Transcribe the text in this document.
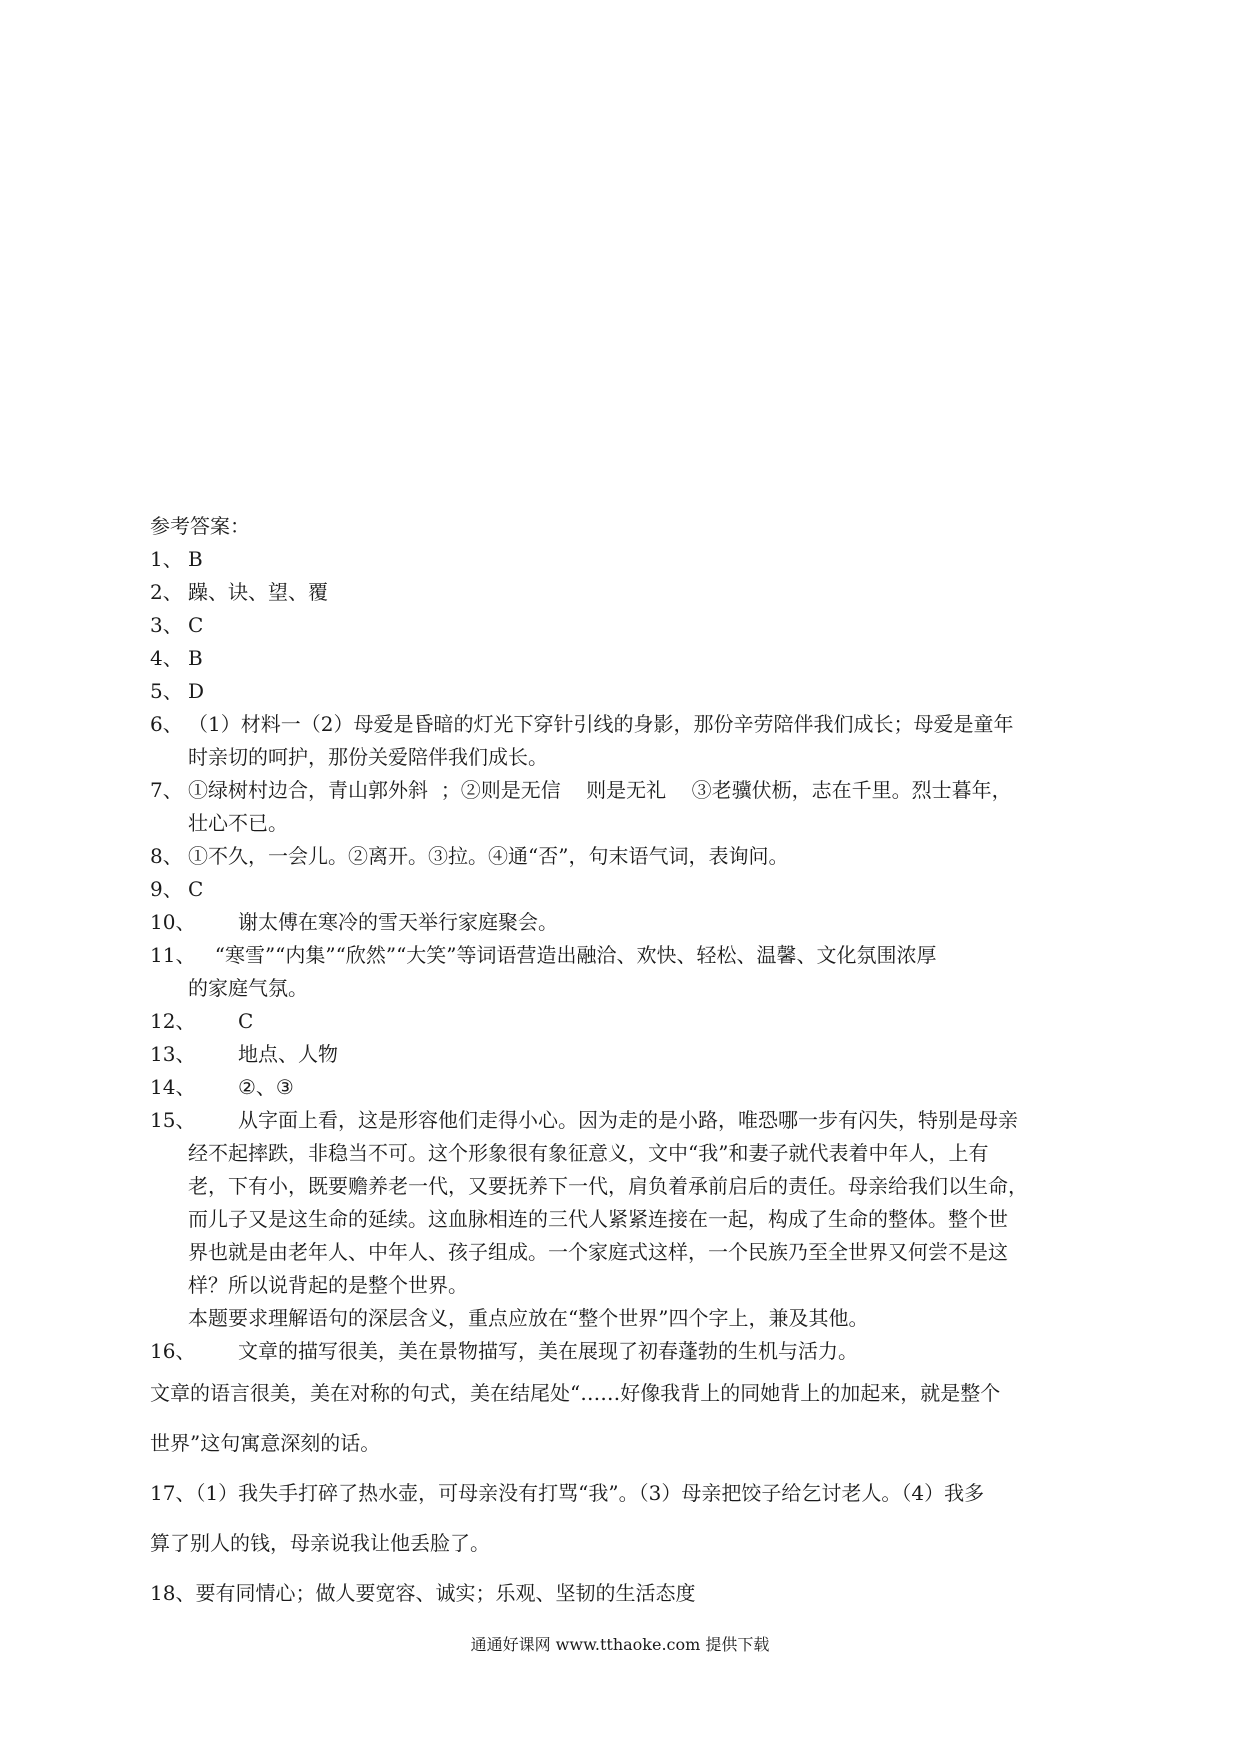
参考答案：
1、 B
2、 躁、诀、望、覆
3、 C
4、 B
5、 D
6、 （1）材料一（2）母爱是昏暗的灯光下穿针引线的身影，那份辛劳陪伴我们成长；母爱是童年
时亲切的呵护，那份关爱陪伴我们成长。
7、 ①绿树村边合，青山郭外斜  ；②则是无信    则是无礼    ③老骥伏枥，志在千里。烈士暮年，
壮心不已。
8、 ①不久，一会儿。②离开。③拉。④通“否”，句末语气词，表询问。
9、 C
10、	谢太傅在寒冷的雪天举行家庭聚会。
11、 “寒雪”“内集”“欣然”“大笑”等词语营造出融洽、欢快、轻松、温馨、文化氛围浓厚
的家庭气氛。
12、	C
13、	地点、人物
14、	②、③
15、	从字面上看，这是形容他们走得小心。因为走的是小路，唯恐哪一步有闪失，特别是母亲
经不起摔跌，非稳当不可。这个形象很有象征意义，文中“我”和妻子就代表着中年人，上有
老，下有小，既要赡养老一代，又要抚养下一代，肩负着承前启后的责任。母亲给我们以生命，
而儿子又是这生命的延续。这血脉相连的三代人紧紧连接在一起，构成了生命的整体。整个世
界也就是由老年人、中年人、孩子组成。一个家庭式这样，一个民族乃至全世界又何尝不是这
样？所以说背起的是整个世界。
本题要求理解语句的深层含义，重点应放在“整个世界”四个字上，兼及其他。
16、	文章的描写很美，美在景物描写，美在展现了初春蓬勃的生机与活力。
文章的语言很美，美在对称的句式，美在结尾处“……好像我背上的同她背上的加起来，就是整个
世界”这句寓意深刻的话。
17、（1）我失手打碎了热水壶，可母亲没有打骂“我”。（3）母亲把饺子给乞讨老人。（4）我多
算了别人的钱，母亲说我让他丢脸了。
18、要有同情心；做人要宽容、诚实；乐观、坚韧的生活态度
通通好课网 www.tthaoke.com 提供下载
